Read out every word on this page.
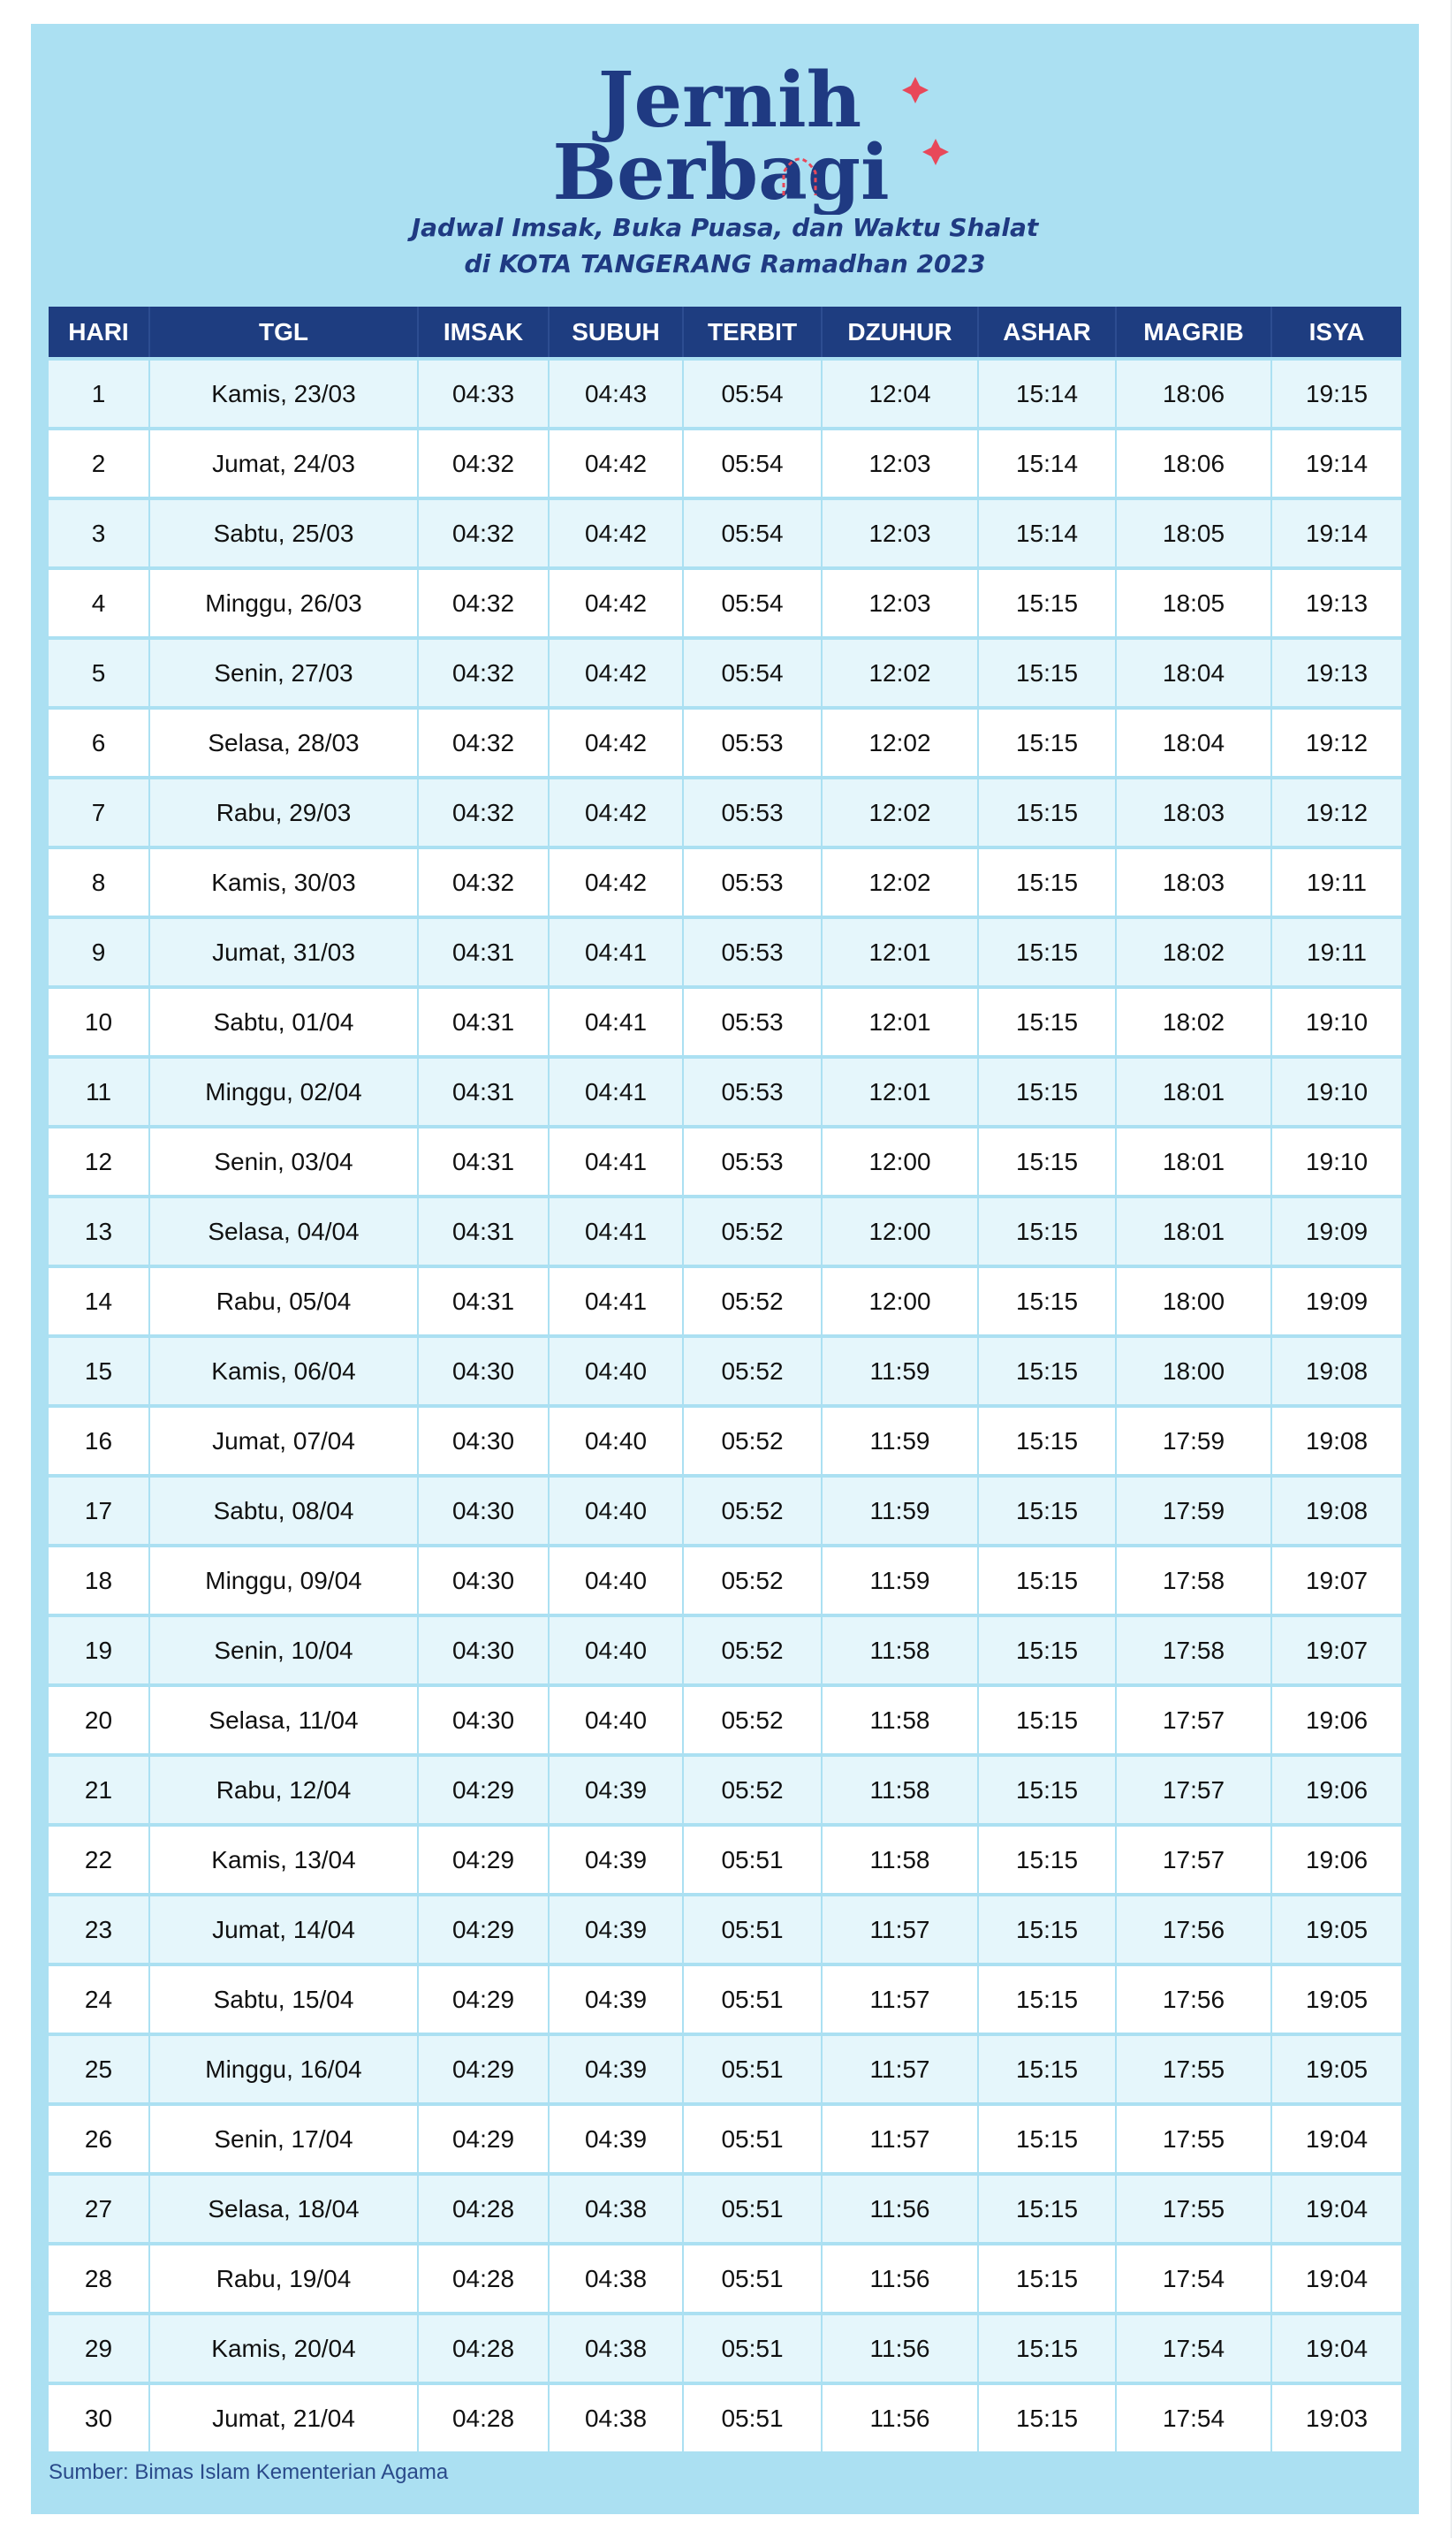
Jernih
Berbagi
Jadwal Imsak, Buka Puasa, dan Waktu Shalat
di KOTA TANGERANG Ramadhan 2023
HARI	TGL	IMSAK	SUBUH	TERBIT	DZUHUR	ASHAR	MAGRIB	ISYA
1	Kamis, 23/03	04:33	04:43	05:54	12:04	15:14	18:06	19:15
2	Jumat, 24/03	04:32	04:42	05:54	12:03	15:14	18:06	19:14
3	Sabtu, 25/03	04:32	04:42	05:54	12:03	15:14	18:05	19:14
4	Minggu, 26/03	04:32	04:42	05:54	12:03	15:15	18:05	19:13
5	Senin, 27/03	04:32	04:42	05:54	12:02	15:15	18:04	19:13
6	Selasa, 28/03	04:32	04:42	05:53	12:02	15:15	18:04	19:12
7	Rabu, 29/03	04:32	04:42	05:53	12:02	15:15	18:03	19:12
8	Kamis, 30/03	04:32	04:42	05:53	12:02	15:15	18:03	19:11
9	Jumat, 31/03	04:31	04:41	05:53	12:01	15:15	18:02	19:11
10	Sabtu, 01/04	04:31	04:41	05:53	12:01	15:15	18:02	19:10
11	Minggu, 02/04	04:31	04:41	05:53	12:01	15:15	18:01	19:10
12	Senin, 03/04	04:31	04:41	05:53	12:00	15:15	18:01	19:10
13	Selasa, 04/04	04:31	04:41	05:52	12:00	15:15	18:01	19:09
14	Rabu, 05/04	04:31	04:41	05:52	12:00	15:15	18:00	19:09
15	Kamis, 06/04	04:30	04:40	05:52	11:59	15:15	18:00	19:08
16	Jumat, 07/04	04:30	04:40	05:52	11:59	15:15	17:59	19:08
17	Sabtu, 08/04	04:30	04:40	05:52	11:59	15:15	17:59	19:08
18	Minggu, 09/04	04:30	04:40	05:52	11:59	15:15	17:58	19:07
19	Senin, 10/04	04:30	04:40	05:52	11:58	15:15	17:58	19:07
20	Selasa, 11/04	04:30	04:40	05:52	11:58	15:15	17:57	19:06
21	Rabu, 12/04	04:29	04:39	05:52	11:58	15:15	17:57	19:06
22	Kamis, 13/04	04:29	04:39	05:51	11:58	15:15	17:57	19:06
23	Jumat, 14/04	04:29	04:39	05:51	11:57	15:15	17:56	19:05
24	Sabtu, 15/04	04:29	04:39	05:51	11:57	15:15	17:56	19:05
25	Minggu, 16/04	04:29	04:39	05:51	11:57	15:15	17:55	19:05
26	Senin, 17/04	04:29	04:39	05:51	11:57	15:15	17:55	19:04
27	Selasa, 18/04	04:28	04:38	05:51	11:56	15:15	17:55	19:04
28	Rabu, 19/04	04:28	04:38	05:51	11:56	15:15	17:54	19:04
29	Kamis, 20/04	04:28	04:38	05:51	11:56	15:15	17:54	19:04
30	Jumat, 21/04	04:28	04:38	05:51	11:56	15:15	17:54	19:03
Sumber: Bimas Islam Kementerian Agama
